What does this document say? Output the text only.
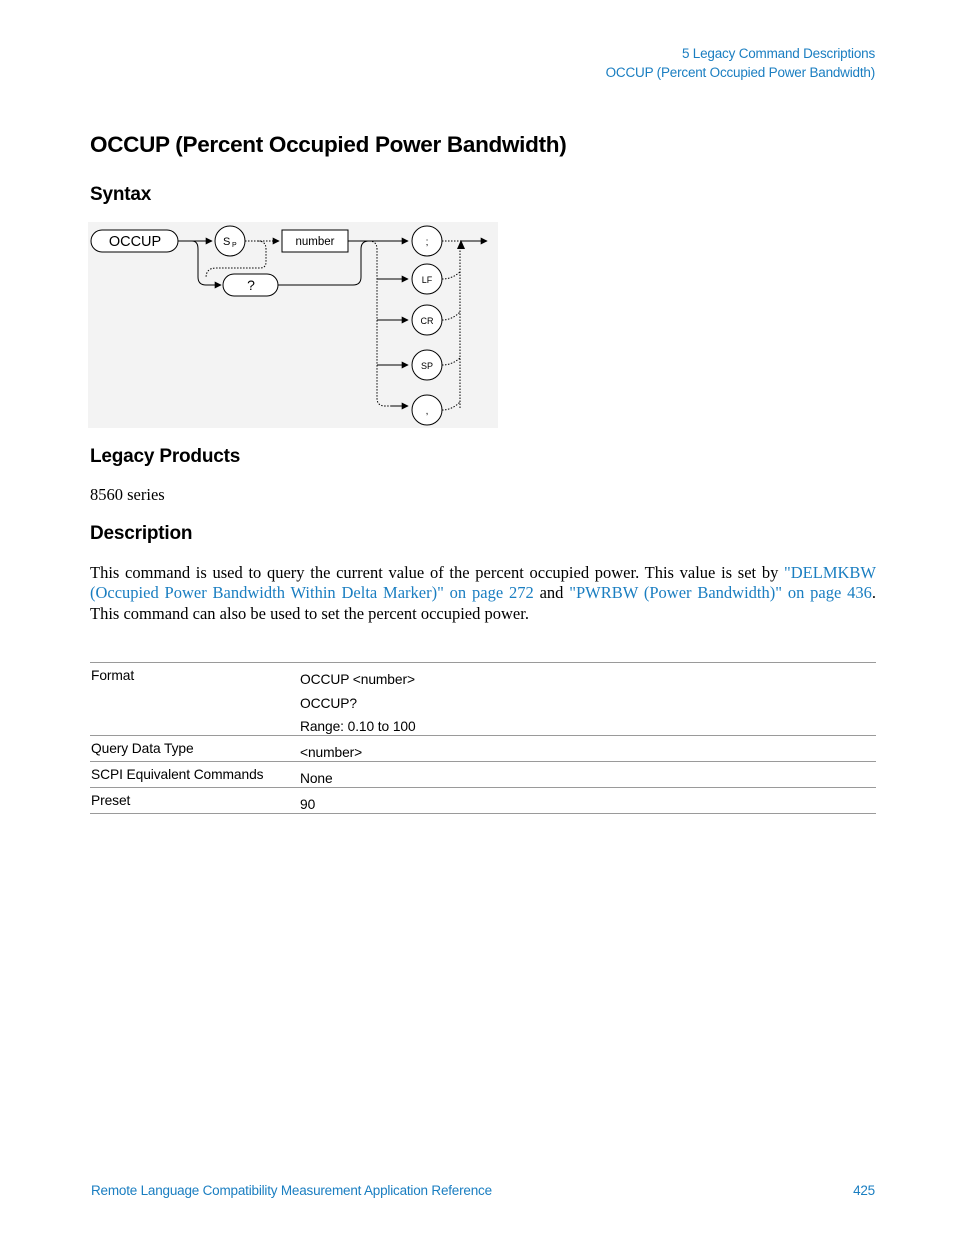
5 Legacy Command Descriptions
OCCUP (Percent Occupied Power Bandwidth)
OCCUP (Percent Occupied Power Bandwidth)
Syntax
OCCUP	S P	number
?
;
LF
CR
SP
,
Legacy Products
8560 series
Description
This command is used to query the current value of the percent occupied power. This value is set by "DELMKBW (Occupied Power Bandwidth Within Delta Marker)" on page 272 and "PWRBW (Power Bandwidth)" on page 436. This command can also be used to set the percent occupied power.
Format	OCCUP <number>
OCCUP?
Range: 0.10 to 100
Query Data Type	<number>
SCPI Equivalent Commands	None
Preset	90
Remote Language Compatibility Measurement Application Reference	425
